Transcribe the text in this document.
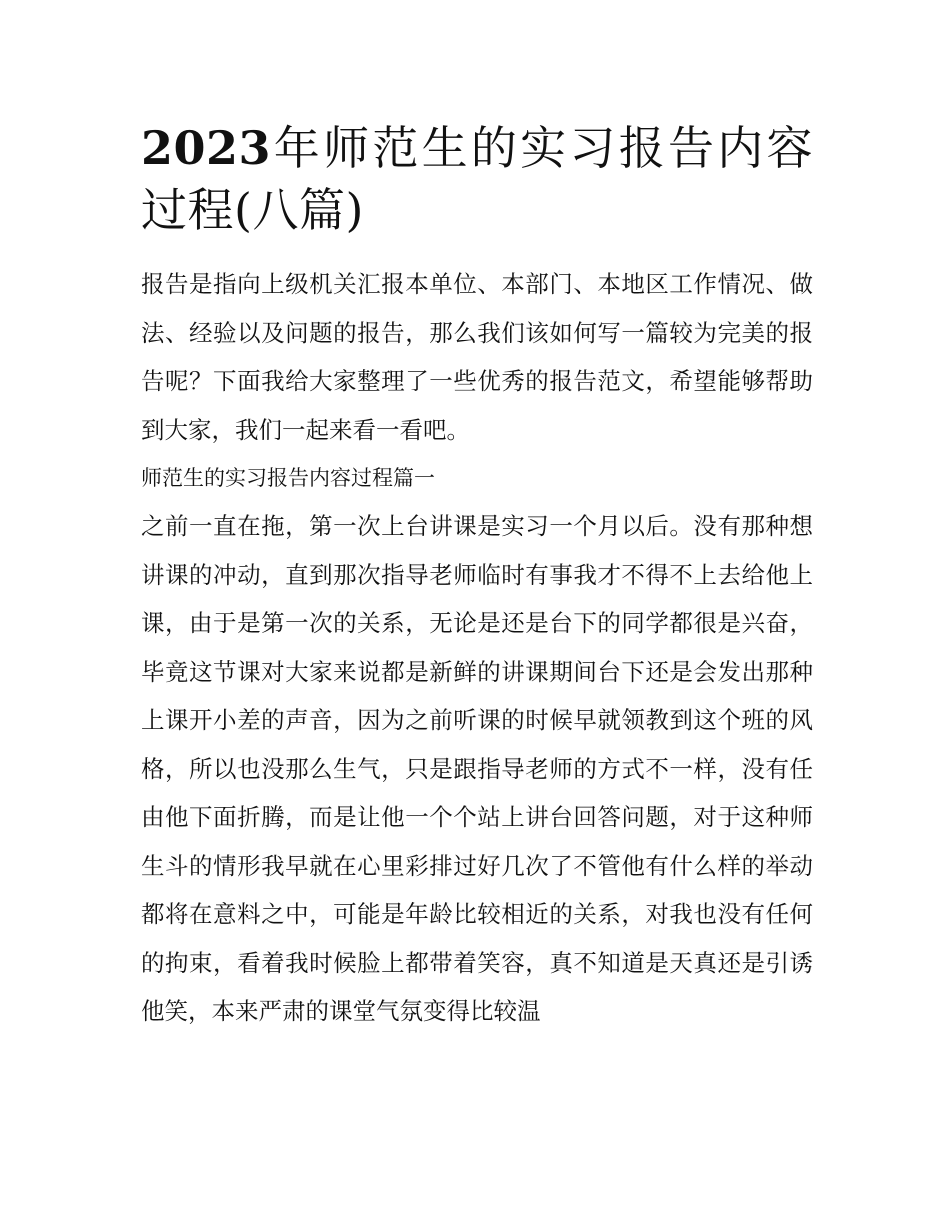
2023年师范生的实习报告内容过程(八篇)

报告是指向上级机关汇报本单位、本部门、本地区工作情况、做法、经验以及问题的报告，那么我们该如何写一篇较为完美的报告呢？下面我给大家整理了一些优秀的报告范文，希望能够帮助到大家，我们一起来看一看吧。

师范生的实习报告内容过程篇一

之前一直在拖，第一次上台讲课是实习一个月以后。没有那种想讲课的冲动，直到那次指导老师临时有事我才不得不上去给他上课，由于是第一次的关系，无论是还是台下的同学都很是兴奋，毕竟这节课对大家来说都是新鲜的讲课期间台下还是会发出那种上课开小差的声音，因为之前听课的时候早就领教到这个班的风格，所以也没那么生气，只是跟指导老师的方式不一样，没有任由他下面折腾，而是让他一个个站上讲台回答问题，对于这种师生斗的情形我早就在心里彩排过好几次了不管他有什么样的举动都将在意料之中，可能是年龄比较相近的关系，对我也没有任何的拘束，看着我时候脸上都带着笑容，真不知道是天真还是引诱他笑，本来严肃的课堂气氛变得比较温
